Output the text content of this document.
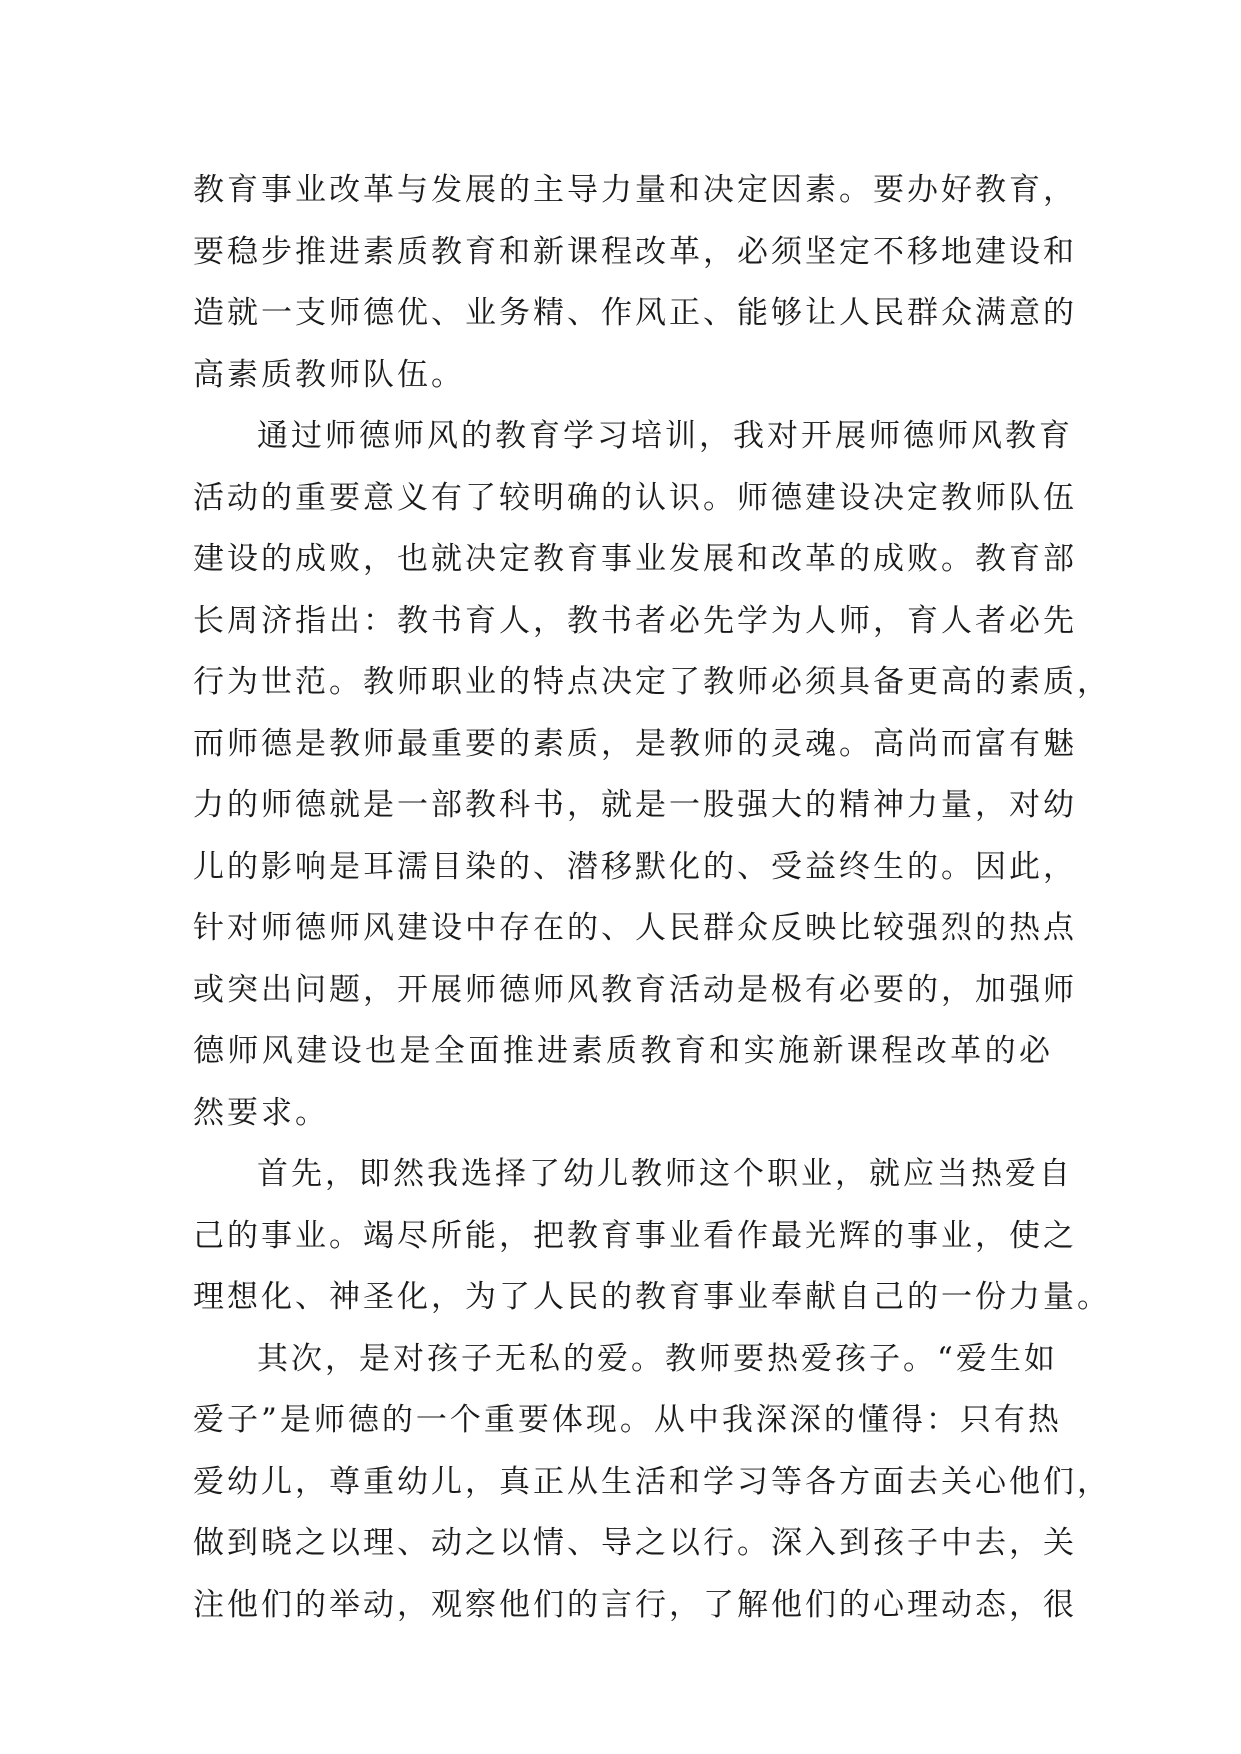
教育事业改革与发展的主导力量和决定因素。要办好教育，
要稳步推进素质教育和新课程改革，必须坚定不移地建设和
造就一支师德优、业务精、作风正、能够让人民群众满意的
高素质教师队伍。
通过师德师风的教育学习培训，我对开展师德师风教育
活动的重要意义有了较明确的认识。师德建设决定教师队伍
建设的成败，也就决定教育事业发展和改革的成败。教育部
长周济指出：教书育人，教书者必先学为人师，育人者必先
行为世范。教师职业的特点决定了教师必须具备更高的素质，
而师德是教师最重要的素质，是教师的灵魂。高尚而富有魅
力的师德就是一部教科书，就是一股强大的精神力量，对幼
儿的影响是耳濡目染的、潜移默化的、受益终生的。因此，
针对师德师风建设中存在的、人民群众反映比较强烈的热点
或突出问题，开展师德师风教育活动是极有必要的，加强师
德师风建设也是全面推进素质教育和实施新课程改革的必
然要求。
首先，即然我选择了幼儿教师这个职业，就应当热爱自
己的事业。竭尽所能，把教育事业看作最光辉的事业，使之
理想化、神圣化，为了人民的教育事业奉献自己的一份力量。
其次，是对孩子无私的爱。教师要热爱孩子。“爱生如
爱子”是师德的一个重要体现。从中我深深的懂得：只有热
爱幼儿，尊重幼儿，真正从生活和学习等各方面去关心他们，
做到晓之以理、动之以情、导之以行。深入到孩子中去，关
注他们的举动，观察他们的言行，了解他们的心理动态，很
